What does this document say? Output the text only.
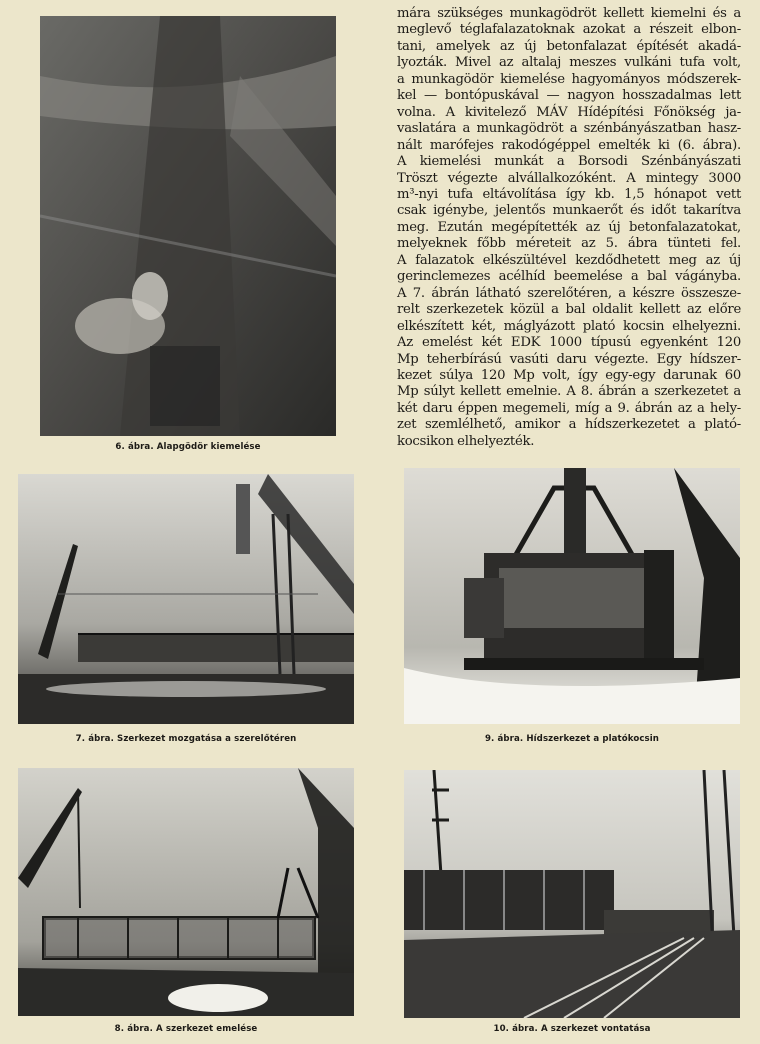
6. ábra. Alapgödör kiemelése

mára szükséges munkagödröt kellett kiemelni és a
meglevő téglafalazatoknak azokat a részeit elbon-
tani, amelyek az új betonfalazat építését akadá-
lyozták. Mivel az altalaj meszes vulkáni tufa volt,
a munkagödör kiemelése hagyományos módszerek-
kel — bontópuskával — nagyon hosszadalmas lett
volna. A kivitelező MÁV Hídépítési Főnökség ja-
vaslatára a munkagödröt a szénbányászatban hasz-
nált marófejes rakodógéppel emelték ki (6. ábra).
A kiemelési munkát a Borsodi Szénbányászati
Tröszt végezte alvállalkozóként. A mintegy 3000
m³-nyi tufa eltávolítása így kb. 1,5 hónapot vett
csak igénybe, jelentős munkaerőt és időt takarítva
meg. Ezután megépítették az új betonfalazatokat,
melyeknek főbb méreteit az 5. ábra tünteti fel.
A falazatok elkészültével kezdődhetett meg az új
gerinclemezes acélhíd beemelése a bal vágányba.
A 7. ábrán látható szerelőtéren, a készre összesze-
relt szerkezetek közül a bal oldalit kellett az előre
elkészített két, máglyázott plató kocsin elhelyezni.
Az emelést két EDK 1000 típusú egyenként 120
Mp teherbírású vasúti daru végezte. Egy hídszer-
kezet súlya 120 Mp volt, így egy-egy darunak 60
Mp súlyt kellett emelnie. A 8. ábrán a szerkezetet a
két daru éppen megemeli, míg a 9. ábrán az a hely-
zet szemlélhető, amikor a hídszerkezetet a plató-
kocsikon elhelyezték.

7. ábra. Szerkezet mozgatása a szerelőtéren	9. ábra. Hídszerkezet a platókocsin
8. ábra. A szerkezet emelése	10. ábra. A szerkezet vontatása
